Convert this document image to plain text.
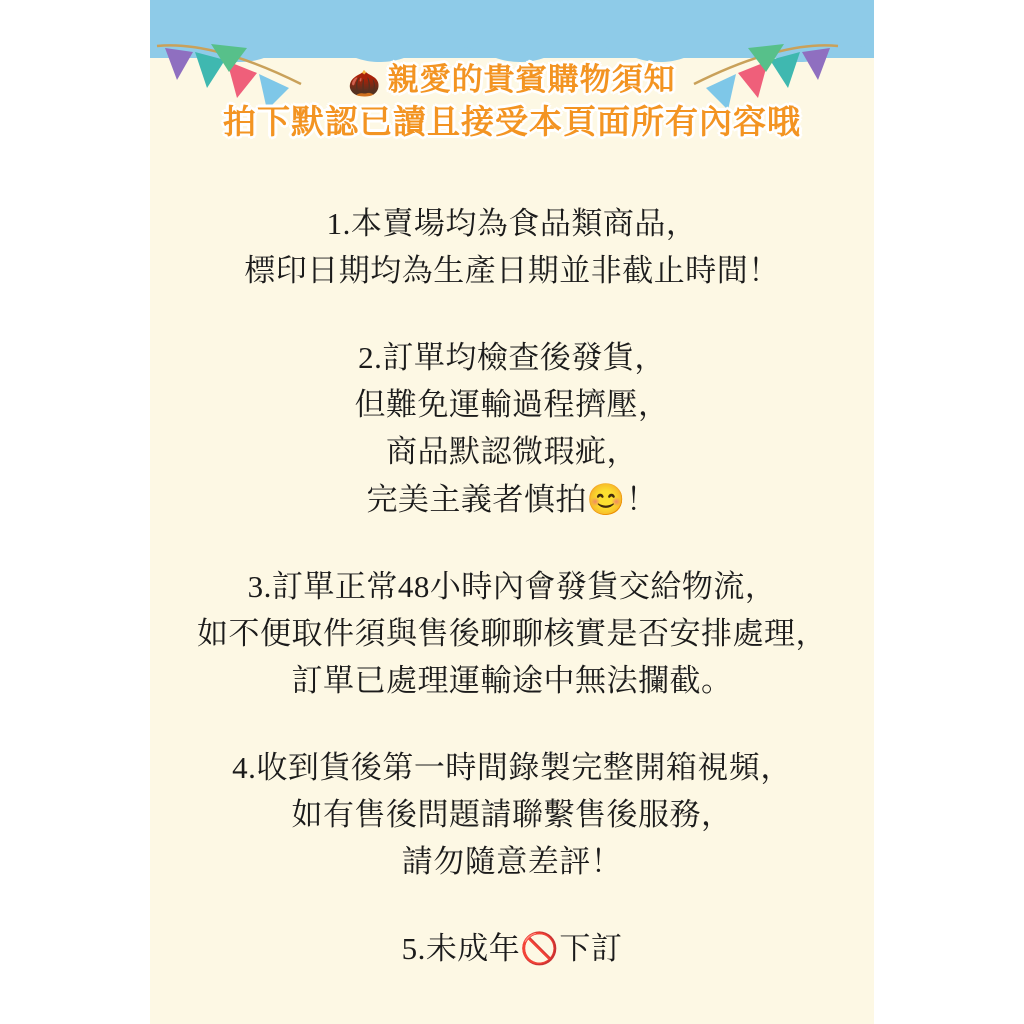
🌰 親愛的貴賓購物須知
拍下默認已讀且接受本頁面所有內容哦
1.本賣場均為食品類商品，
標印日期均為生產日期並非截止時間！
2.訂單均檢查後發貨，
但難免運輸過程擠壓，
商品默認微瑕疵，
完美主義者慎拍😊！
3.訂單正常48小時內會發貨交給物流，
如不便取件須與售後聊聊核實是否安排處理，
訂單已處理運輸途中無法攔截。
4.收到貨後第一時間錄製完整開箱視頻，
如有售後問題請聯繫售後服務，
請勿隨意差評！
5.未成年🚫下訂
